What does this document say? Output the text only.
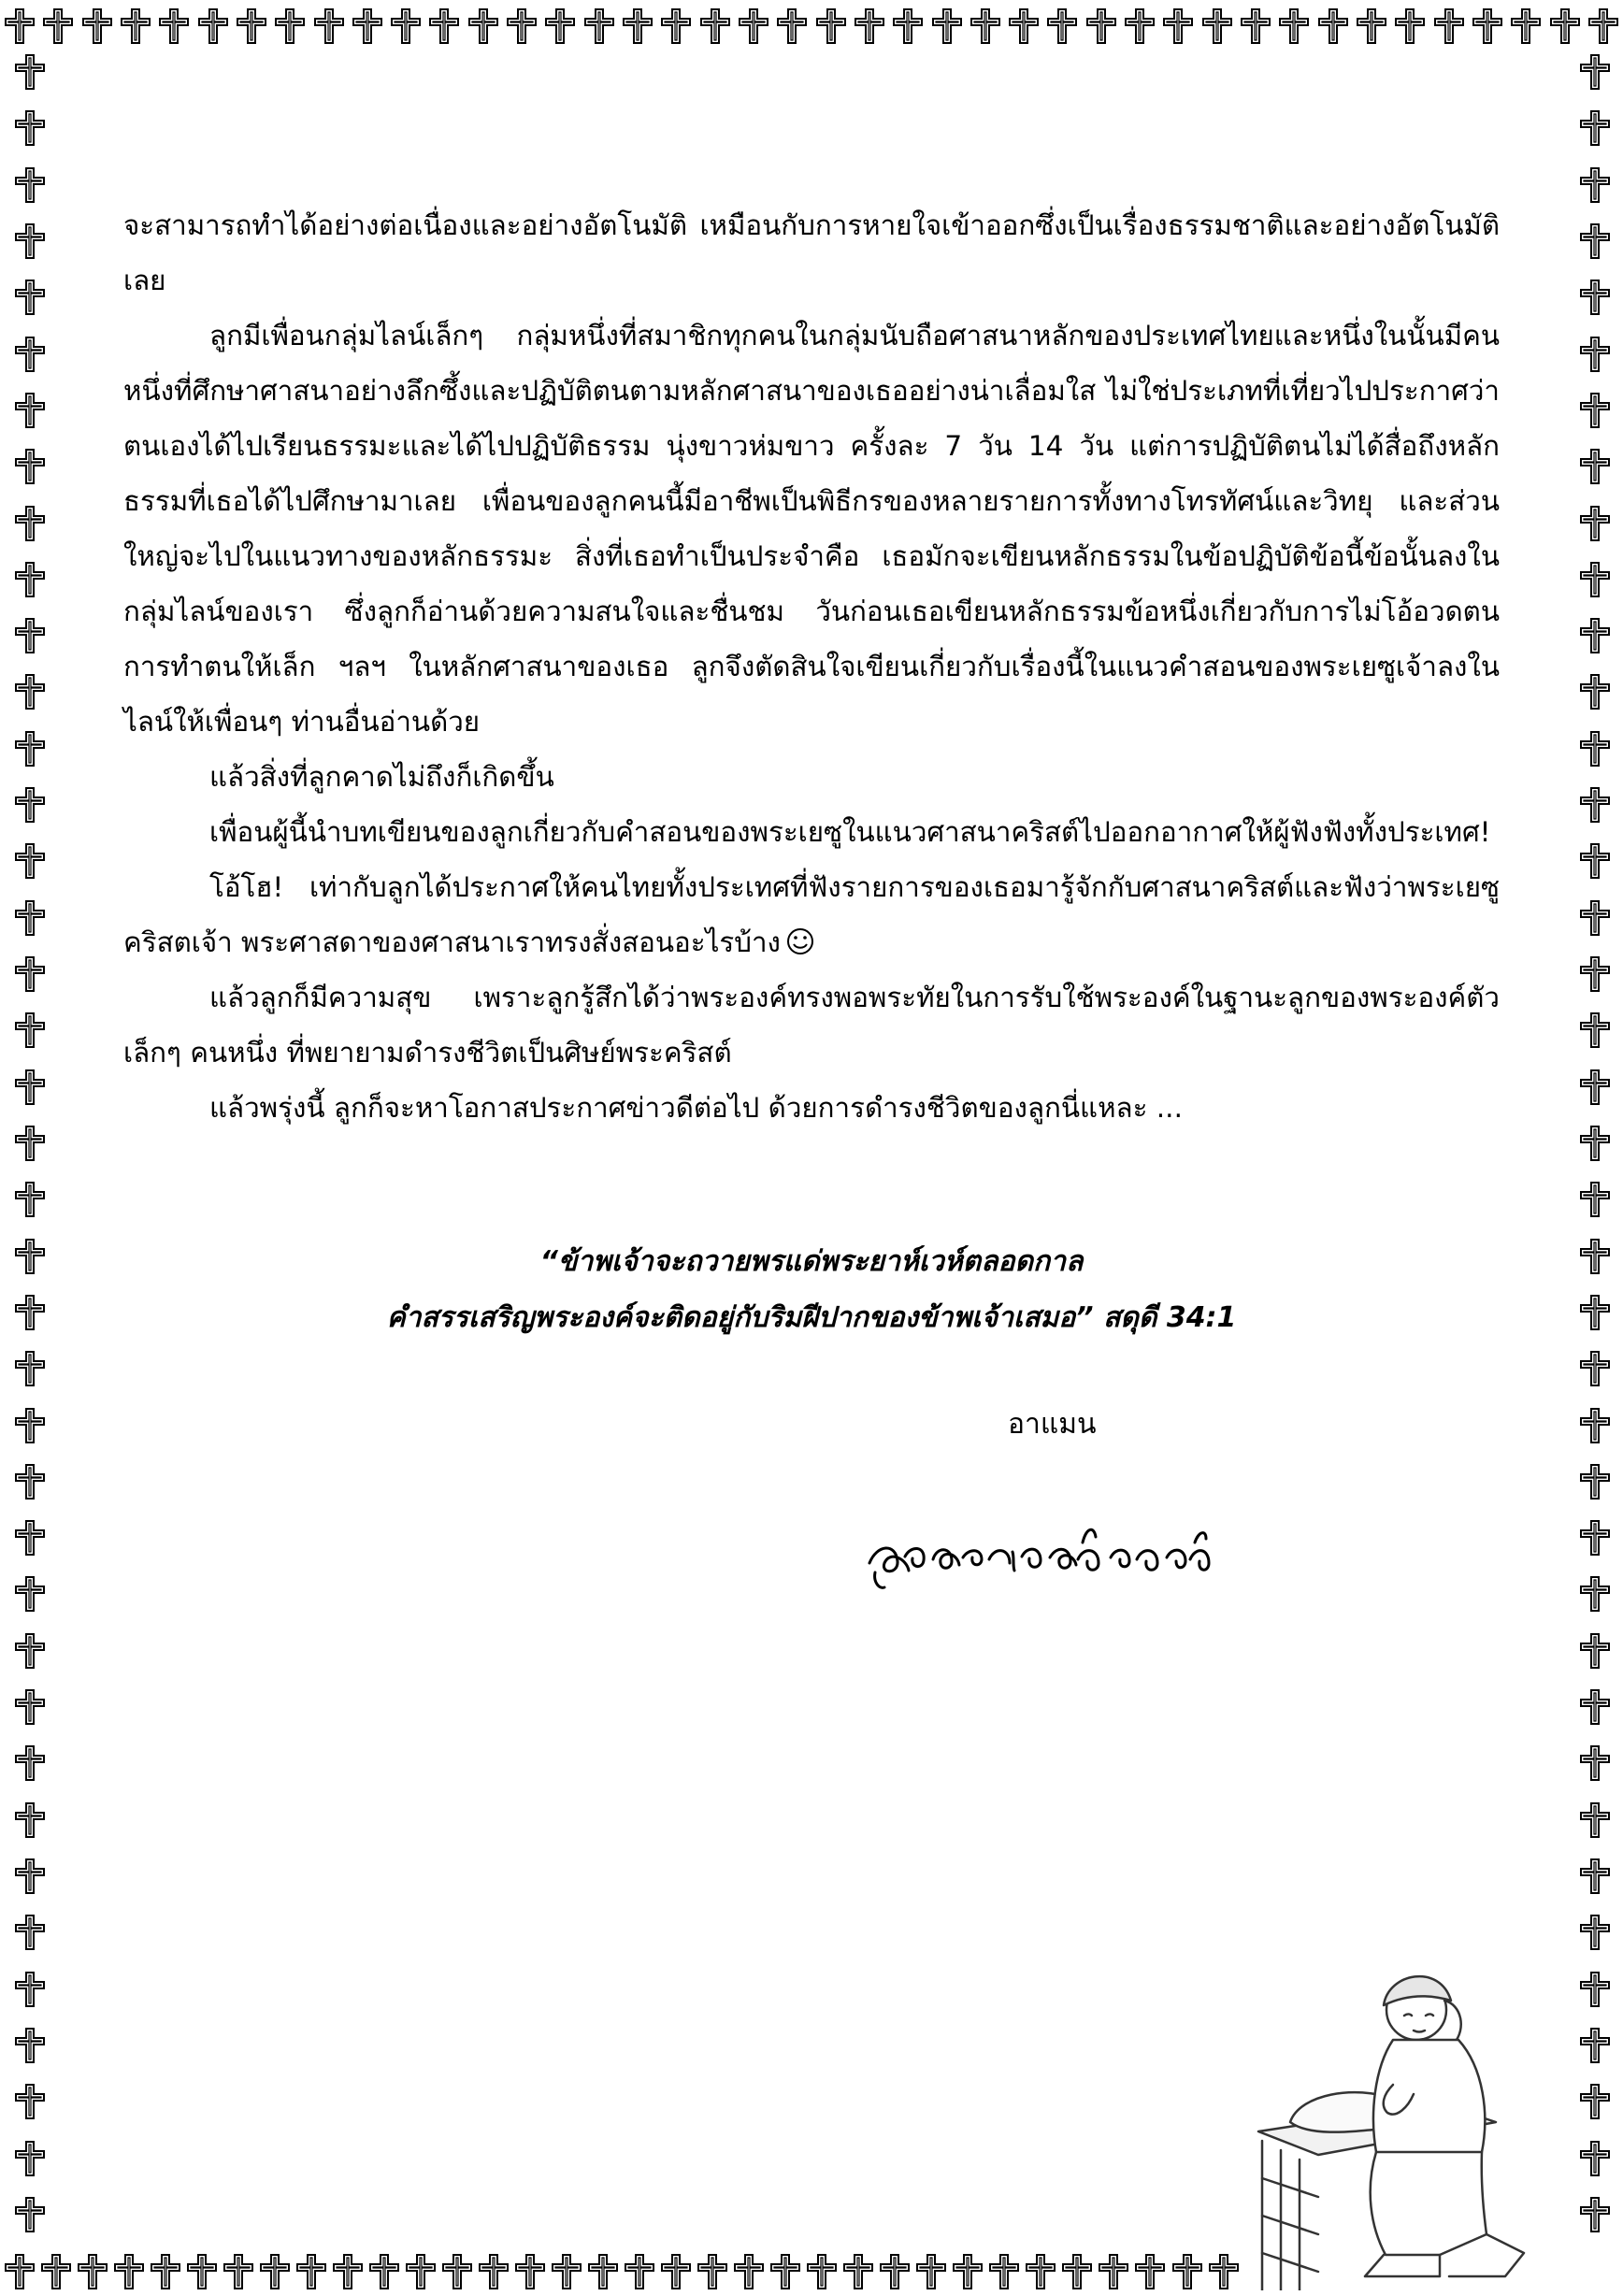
จะสามารถทำได้อย่างต่อเนื่องและอย่างอัตโนมัติ เหมือนกับการหายใจเข้าออกซึ่งเป็นเรื่องธรรมชาติและอย่างอัตโนมัติเลย

ลูกมีเพื่อนกลุ่มไลน์เล็กๆ กลุ่มหนึ่งที่สมาชิกทุกคนในกลุ่มนับถือศาสนาหลักของประเทศไทยและหนึ่งในนั้นมีคนหนึ่งที่ศึกษาศาสนาอย่างลึกซึ้งและปฏิบัติตนตามหลักศาสนาของเธออย่างน่าเลื่อมใส ไม่ใช่ประเภทที่เที่ยวไปประกาศว่าตนเองได้ไปเรียนธรรมะและได้ไปปฏิบัติธรรม นุ่งขาวห่มขาว ครั้งละ 7 วัน 14 วัน แต่การปฏิบัติตนไม่ได้สื่อถึงหลักธรรมที่เธอได้ไปศึกษามาเลย เพื่อนของลูกคนนี้มีอาชีพเป็นพิธีกรของหลายรายการทั้งทางโทรทัศน์และวิทยุ และส่วนใหญ่จะไปในแนวทางของหลักธรรมะ สิ่งที่เธอทำเป็นประจำคือ เธอมักจะเขียนหลักธรรมในข้อปฏิบัติข้อนี้ข้อนั้นลงในกลุ่มไลน์ของเรา ซึ่งลูกก็อ่านด้วยความสนใจและชื่นชม วันก่อนเธอเขียนหลักธรรมข้อหนึ่งเกี่ยวกับการไม่โอ้อวดตน การทำตนให้เล็ก ฯลฯ ในหลักศาสนาของเธอ ลูกจึงตัดสินใจเขียนเกี่ยวกับเรื่องนี้ในแนวคำสอนของพระเยซูเจ้าลงในไลน์ให้เพื่อนๆ ท่านอื่นอ่านด้วย

แล้วสิ่งที่ลูกคาดไม่ถึงก็เกิดขึ้น

เพื่อนผู้นี้นำบทเขียนของลูกเกี่ยวกับคำสอนของพระเยซูในแนวศาสนาคริสต์ไปออกอากาศให้ผู้ฟังฟังทั้งประเทศ!

โอ้โฮ! เท่ากับลูกได้ประกาศให้คนไทยทั้งประเทศที่ฟังรายการของเธอมารู้จักกับศาสนาคริสต์และฟังว่าพระเยซูคริสตเจ้า พระศาสดาของศาสนาเราทรงสั่งสอนอะไรบ้าง

แล้วลูกก็มีความสุข เพราะลูกรู้สึกได้ว่าพระองค์ทรงพอพระทัยในการรับใช้พระองค์ในฐานะลูกของพระองค์ตัวเล็กๆ คนหนึ่ง ที่พยายามดำรงชีวิตเป็นศิษย์พระคริสต์

แล้วพรุ่งนี้ ลูกก็จะหาโอกาสประกาศข่าวดีต่อไป ด้วยการดำรงชีวิตของลูกนี่แหละ ...

“ข้าพเจ้าจะถวายพรแด่พระยาห์เวห์ตลอดกาล
คำสรรเสริญพระองค์จะติดอยู่กับริมฝีปากของข้าพเจ้าเสมอ” สดุดี 34:1
อาแมน
